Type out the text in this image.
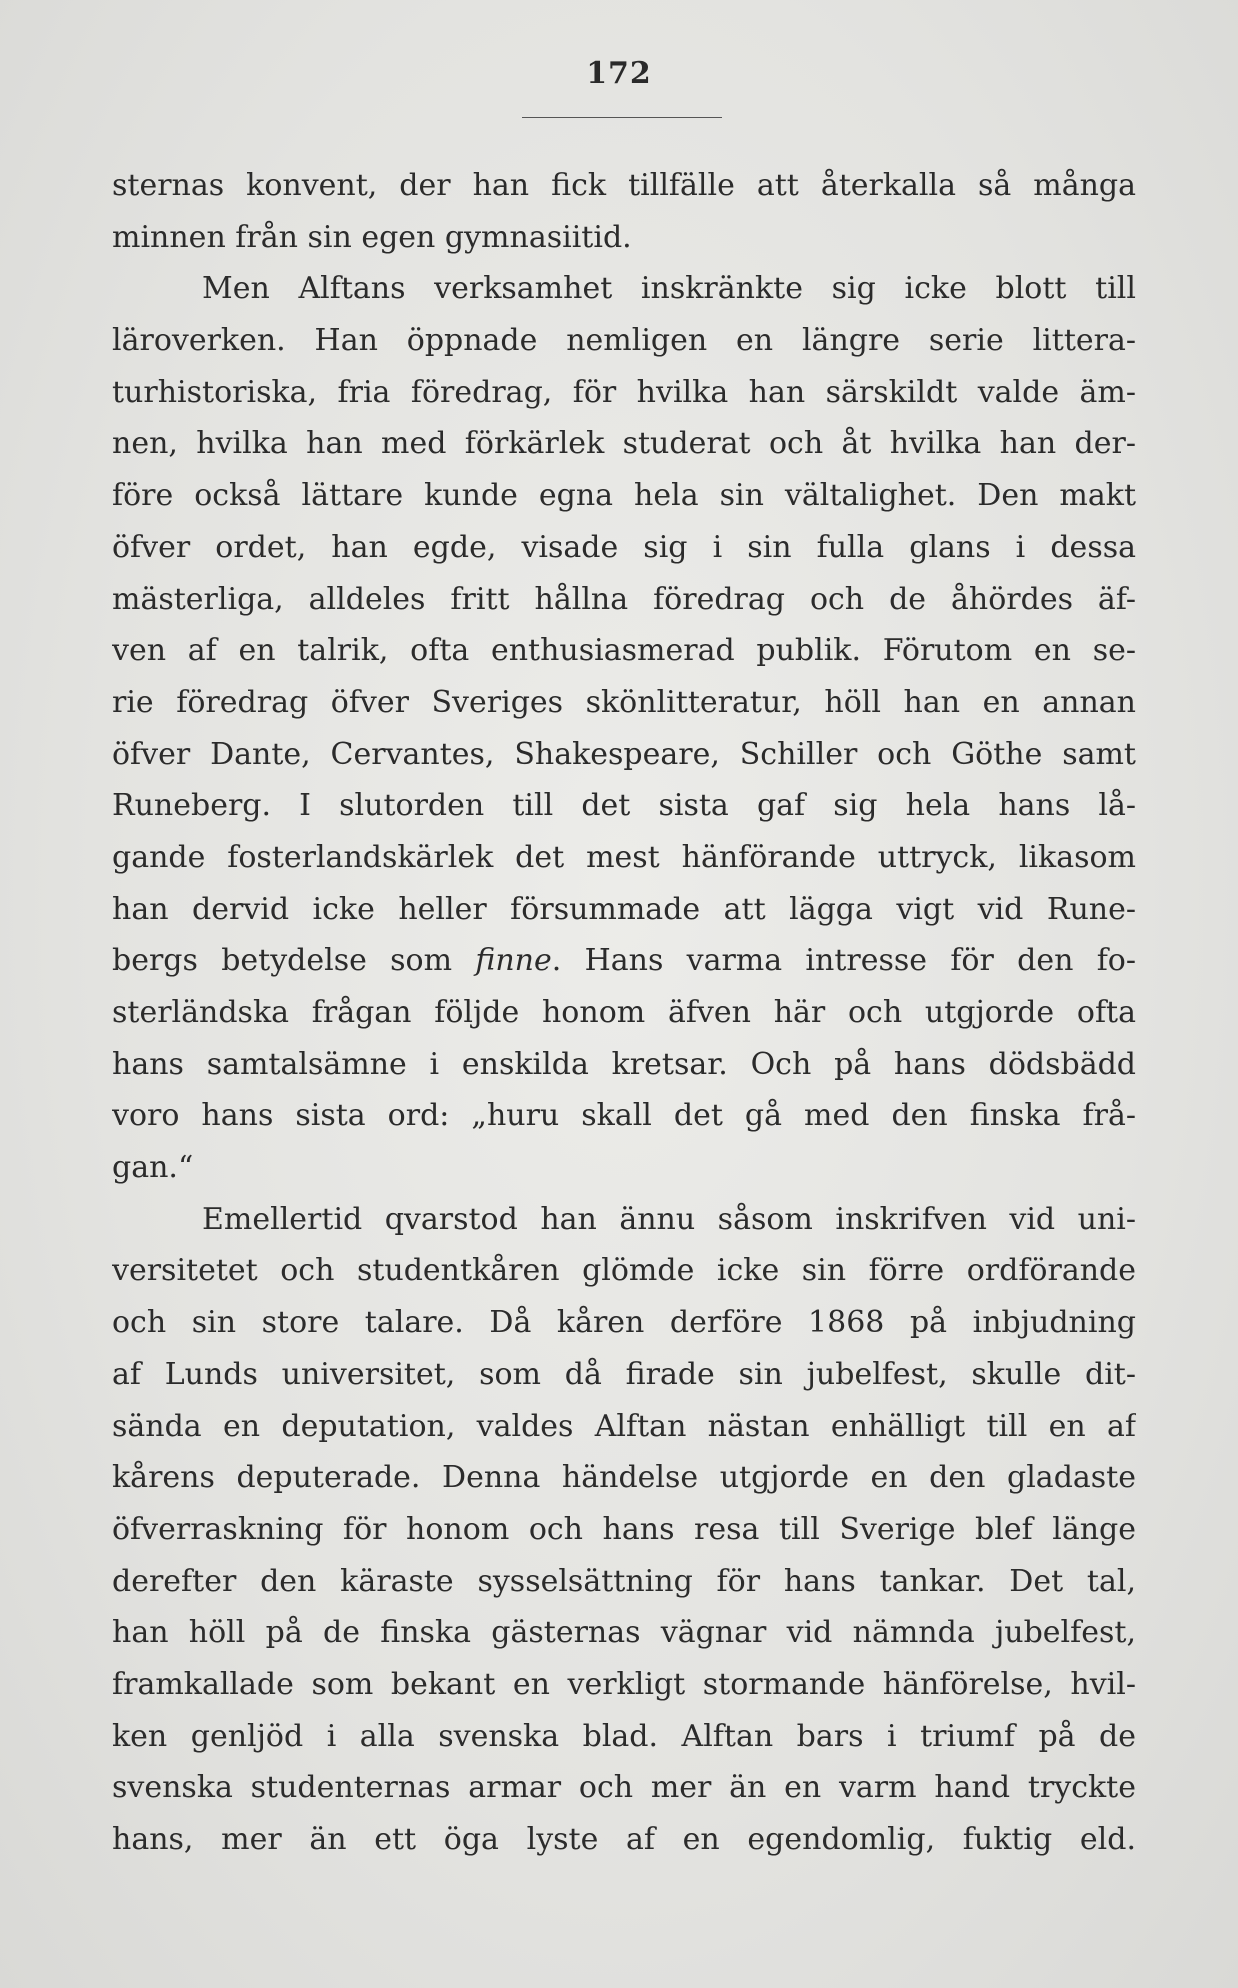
172
sternas konvent, der han fick tillfälle att återkalla så många
minnen från sin egen gymnasiitid.
Men Alftans verksamhet inskränkte sig icke blott till
läroverken. Han öppnade nemligen en längre serie littera-
turhistoriska, fria föredrag, för hvilka han särskildt valde äm-
nen, hvilka han med förkärlek studerat och åt hvilka han der-
före också lättare kunde egna hela sin vältalighet. Den makt
öfver ordet, han egde, visade sig i sin fulla glans i dessa
mästerliga, alldeles fritt hållna föredrag och de åhördes äf-
ven af en talrik, ofta enthusiasmerad publik. Förutom en se-
rie föredrag öfver Sveriges skönlitteratur, höll han en annan
öfver Dante, Cervantes, Shakespeare, Schiller och Göthe samt
Runeberg. I slutorden till det sista gaf sig hela hans lå-
gande fosterlandskärlek det mest hänförande uttryck, likasom
han dervid icke heller försummade att lägga vigt vid Rune-
bergs betydelse som finne. Hans varma intresse för den fo-
sterländska frågan följde honom äfven här och utgjorde ofta
hans samtalsämne i enskilda kretsar. Och på hans dödsbädd
voro hans sista ord: „huru skall det gå med den finska frå-
gan.“
Emellertid qvarstod han ännu såsom inskrifven vid uni-
versitetet och studentkåren glömde icke sin förre ordförande
och sin store talare. Då kåren derföre 1868 på inbjudning
af Lunds universitet, som då firade sin jubelfest, skulle dit-
sända en deputation, valdes Alftan nästan enhälligt till en af
kårens deputerade. Denna händelse utgjorde en den gladaste
öfverraskning för honom och hans resa till Sverige blef länge
derefter den käraste sysselsättning för hans tankar. Det tal,
han höll på de finska gästernas vägnar vid nämnda jubelfest,
framkallade som bekant en verkligt stormande hänförelse, hvil-
ken genljöd i alla svenska blad. Alftan bars i triumf på de
svenska studenternas armar och mer än en varm hand tryckte
hans, mer än ett öga lyste af en egendomlig, fuktig eld.
